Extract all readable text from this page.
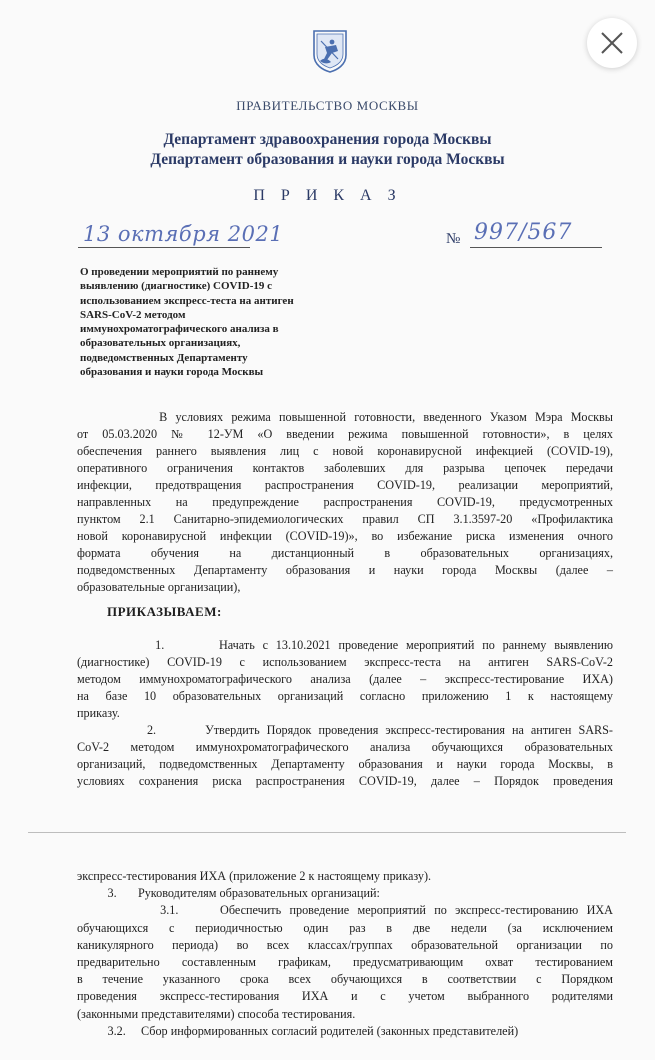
ПРАВИТЕЛЬСТВО МОСКВЫ
Департамент здравоохранения города Москвы
Департамент образования и науки города Москвы
П Р И К А З
13 октября 2021	№ 997/567
О проведении мероприятий по раннему
выявлению (диагностике) COVID-19 с
использованием экспресс-теста на антиген
SARS-CoV-2 методом
иммунохроматографического анализа в
образовательных организациях,
подведомственных Департаменту
образования и науки города Москвы
В условиях режима повышенной готовности, введенного Указом Мэра Москвы
от 05.03.2020 № 12-УМ «О введении режима повышенной готовности», в целях
обеспечения раннего выявления лиц с новой коронавирусной инфекцией (COVID-19),
оперативного ограничения контактов заболевших для разрыва цепочек передачи
инфекции, предотвращения распространения COVID-19, реализации мероприятий,
направленных на предупреждение распространения COVID-19, предусмотренных
пунктом 2.1 Санитарно-эпидемиологических правил СП 3.1.3597-20 «Профилактика
новой коронавирусной инфекции (COVID-19)», во избежание риска изменения очного
формата обучения на дистанционный в образовательных организациях,
подведомственных Департаменту образования и науки города Москвы (далее –
образовательные организации),
ПРИКАЗЫВАЕМ:
1.       Начать с 13.10.2021 проведение мероприятий по раннему выявлению
(диагностике) COVID-19 с использованием экспресс-теста на антиген SARS-CoV-2
методом иммунохроматографического анализа (далее – экспресс-тестирование ИХА)
на базе 10 образовательных организаций согласно приложению 1 к настоящему
приказу.
2.       Утвердить Порядок проведения экспресс-тестирования на антиген SARS-
CoV-2 методом иммунохроматографического анализа обучающихся образовательных
организаций, подведомственных Департаменту образования и науки города Москвы, в
условиях сохранения риска распространения COVID-19, далее – Порядок проведения
экспресс-тестирования ИХА (приложение 2 к настоящему приказу).
3.       Руководителям образовательных организаций:
3.1.     Обеспечить проведение мероприятий по экспресс-тестированию ИХА
обучающихся с периодичностью один раз в две недели (за исключением
каникулярного периода) во всех классах/группах образовательной организации по
предварительно составленным графикам, предусматривающим охват тестированием
в течение указанного срока всех обучающихся в соответствии с Порядком
проведения экспресс-тестирования ИХА и с учетом выбранного родителями
(законными представителями) способа тестирования.
3.2.     Сбор информированных согласий родителей (законных представителей)
